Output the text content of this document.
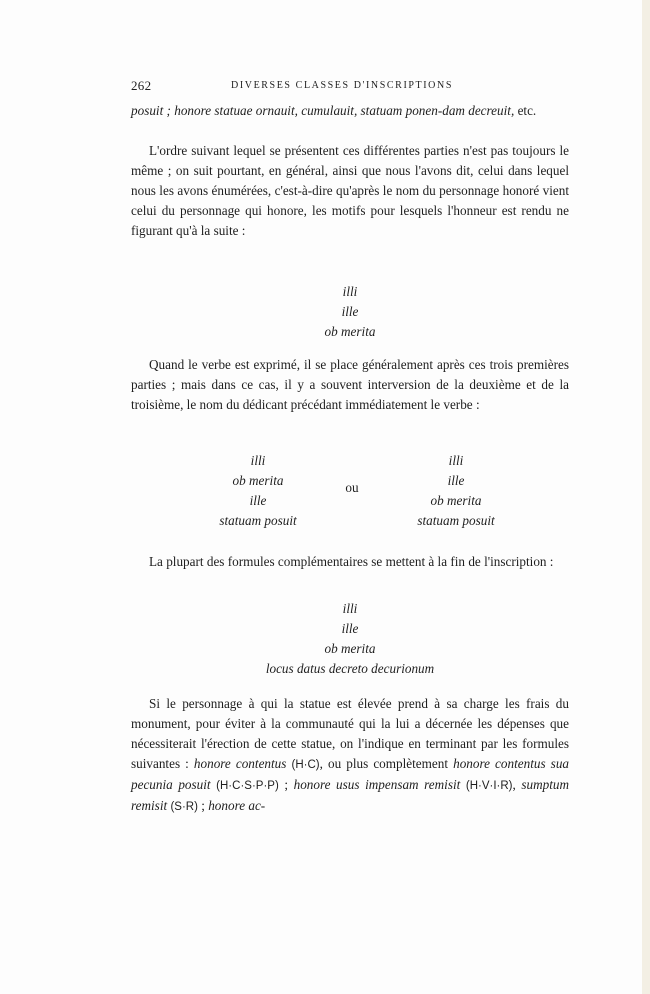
262	DIVERSES CLASSES D'INSCRIPTIONS

posuit ; honore statuae ornauit, cumulauit, statuam ponen-dam decreuit, etc.

L'ordre suivant lequel se présentent ces différentes parties n'est pas toujours le même ; on suit pourtant, en général, ainsi que nous l'avons dit, celui dans lequel nous les avons énumérées, c'est-à-dire qu'après le nom du personnage honoré vient celui du personnage qui honore, les motifs pour lesquels l'honneur est rendu ne figurant qu'à la suite :

illi
ille
ob merita

Quand le verbe est exprimé, il se place généralement après ces trois premières parties ; mais dans ce cas, il y a souvent interversion de la deuxième et de la troisième, le nom du dédicant précédant immédiatement le verbe :

illi
ob merita
ille
statuam posuit
ou
illi
ille
ob merita
statuam posuit

La plupart des formules complémentaires se mettent à la fin de l'inscription :

illi
ille
ob merita
locus datus decreto decurionum

Si le personnage à qui la statue est élevée prend à sa charge les frais du monument, pour éviter à la communauté qui la lui a décernée les dépenses que nécessiterait l'érection de cette statue, on l'indique en terminant par les formules suivantes : honore contentus (H·C), ou plus complètement honore contentus sua pecunia posuit (H·C·S·P·P) ; honore usus impensam remisit (H·V·I·R), sumptum remisit (S·R) ; honore ac-
